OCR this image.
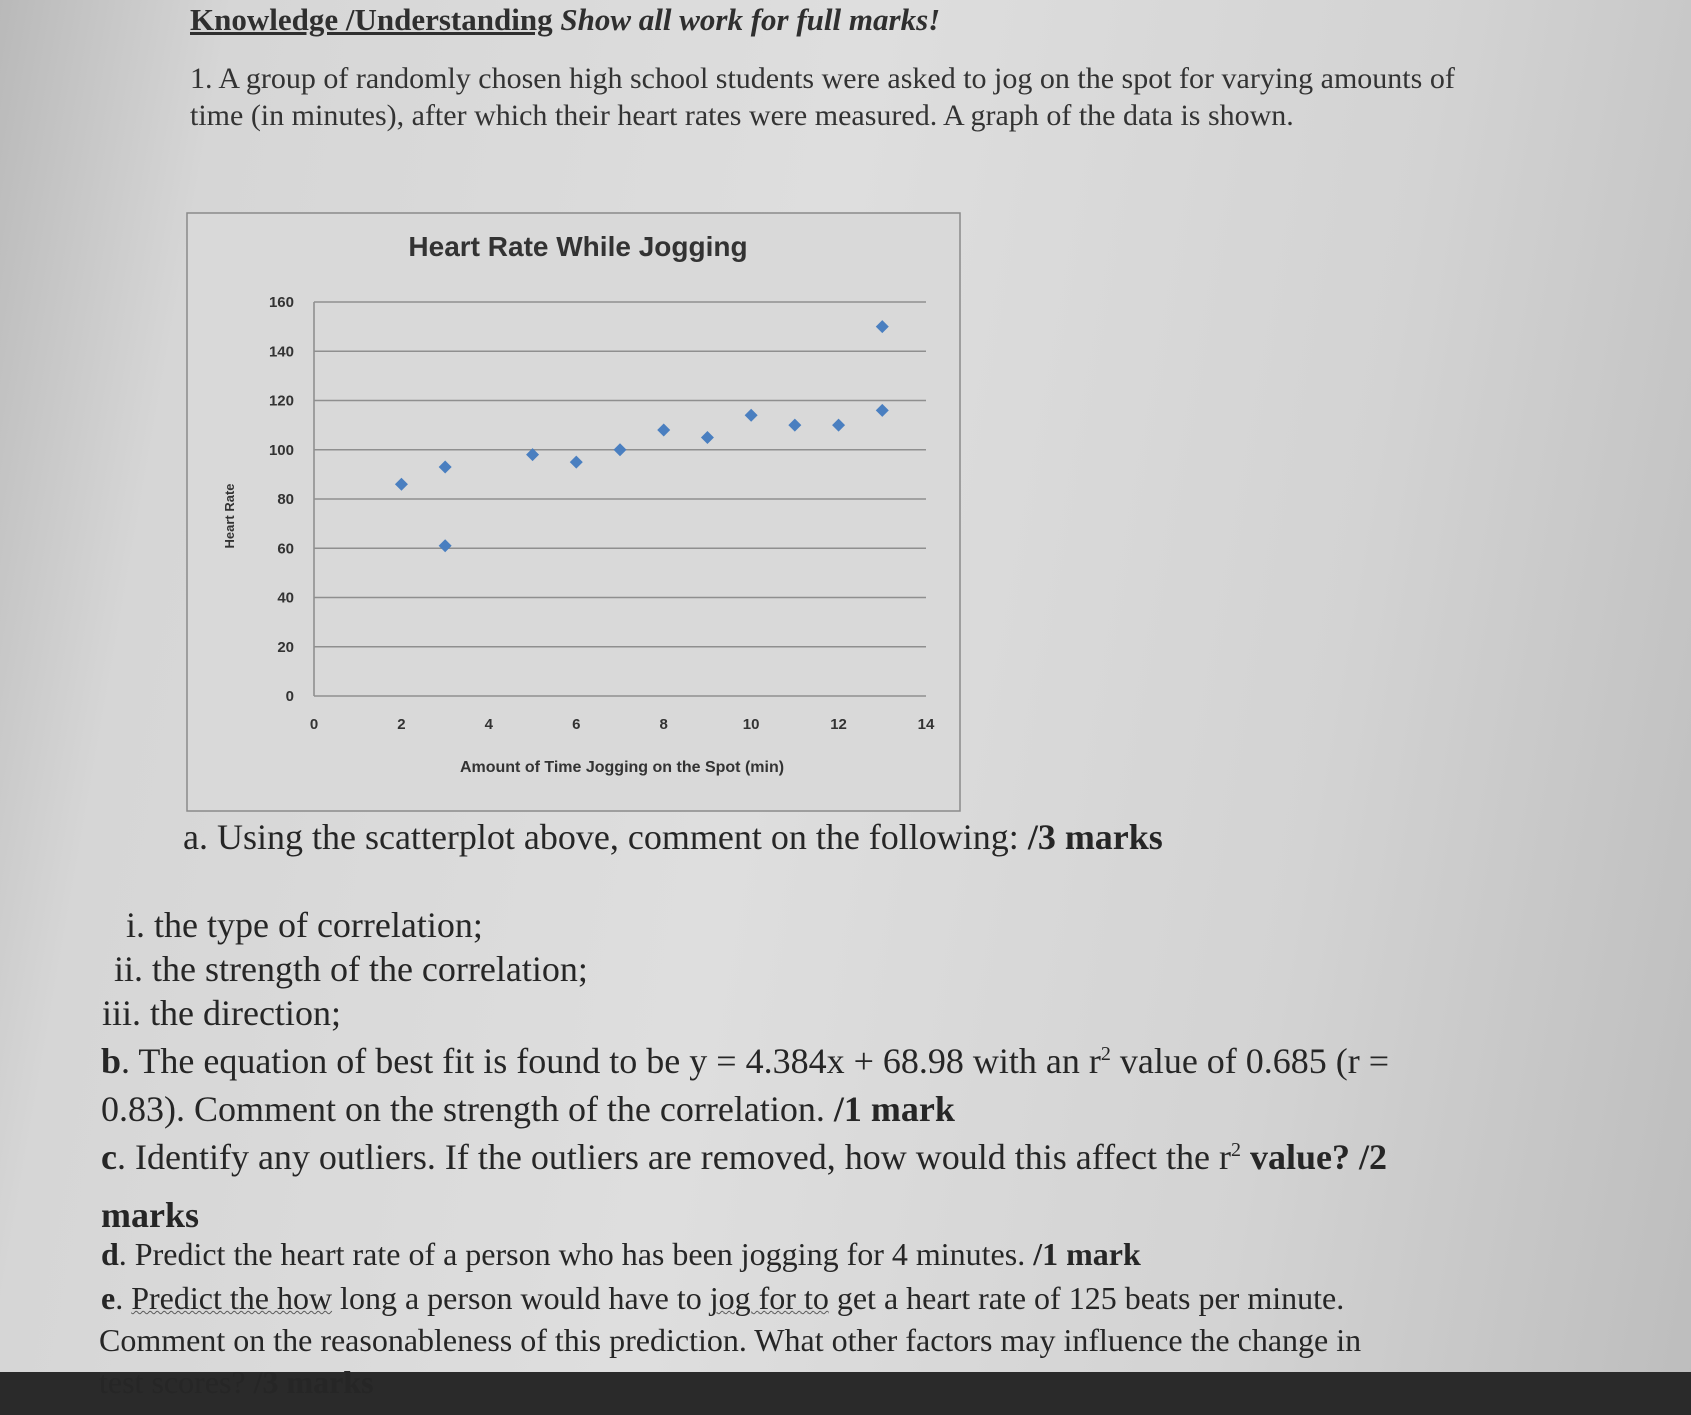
Knowledge /Understanding Show all work for full marks!
1. A group of randomly chosen high school students were asked to jog on the spot for varying amounts of time (in minutes), after which their heart rates were measured. A graph of the data is shown.
Heart Rate While Jogging
Amount of Time Jogging on the Spot (min)
Heart Rate
0
20
40
60
80
100
120
140
160
0	2	4	6	8	10	12	14
a. Using the scatterplot above, comment on the following: /3 marks
i. the type of correlation;
ii. the strength of the correlation;
iii. the direction;
b. The equation of best fit is found to be y = 4.384x + 68.98 with an $r^2$ value of 0.685 (r =
0.83). Comment on the strength of the correlation. /1 mark
c. Identify any outliers. If the outliers are removed, how would this affect the $r^2$ value? /2
marks
d. Predict the heart rate of a person who has been jogging for 4 minutes. /1 mark
e. Predict the how long a person would have to jog for to get a heart rate of 125 beats per minute.
Comment on the reasonableness of this prediction. What other factors may influence the change in
test scores? /3 marks
